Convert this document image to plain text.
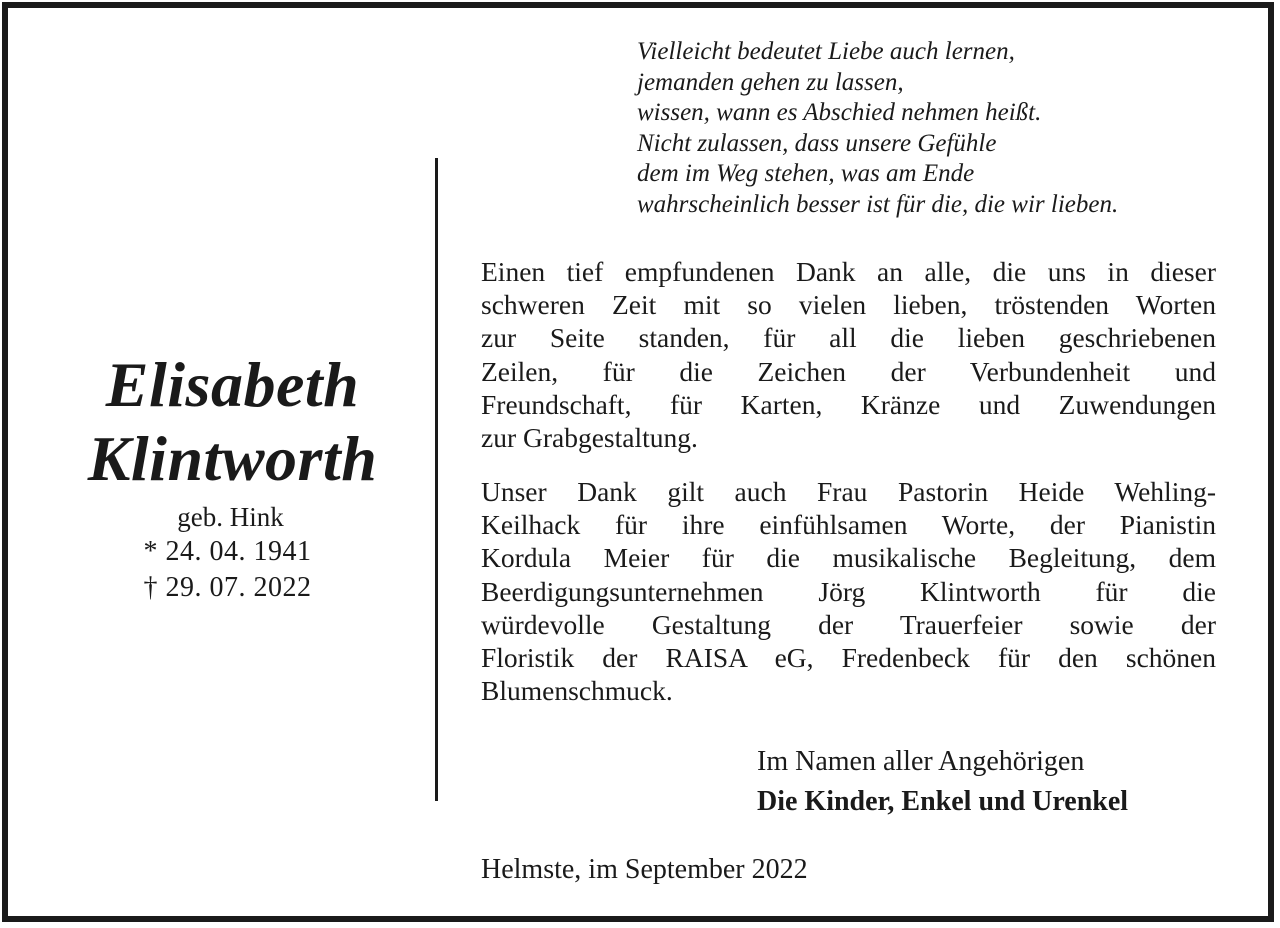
Vielleicht bedeutet Liebe auch lernen,
jemanden gehen zu lassen,
wissen, wann es Abschied nehmen heißt.
Nicht zulassen, dass unsere Gefühle
dem im Weg stehen, was am Ende
wahrscheinlich besser ist für die, die wir lieben.
Elisabeth
Klintworth
geb. Hink
* 24. 04. 1941
† 29. 07. 2022
Einen tief empfundenen Dank an alle, die uns in dieser
schweren Zeit mit so vielen lieben, tröstenden Worten
zur Seite standen, für all die lieben geschriebenen
Zeilen, für die Zeichen der Verbundenheit und
Freundschaft, für Karten, Kränze und Zuwendungen
zur Grabgestaltung.
Unser Dank gilt auch Frau Pastorin Heide Wehling-
Keilhack für ihre einfühlsamen Worte, der Pianistin
Kordula Meier für die musikalische Begleitung, dem
Beerdigungsunternehmen Jörg Klintworth für die
würdevolle Gestaltung der Trauerfeier sowie der
Floristik der RAISA eG, Fredenbeck für den schönen
Blumenschmuck.
Im Namen aller Angehörigen
Die Kinder, Enkel und Urenkel
Helmste, im September 2022
